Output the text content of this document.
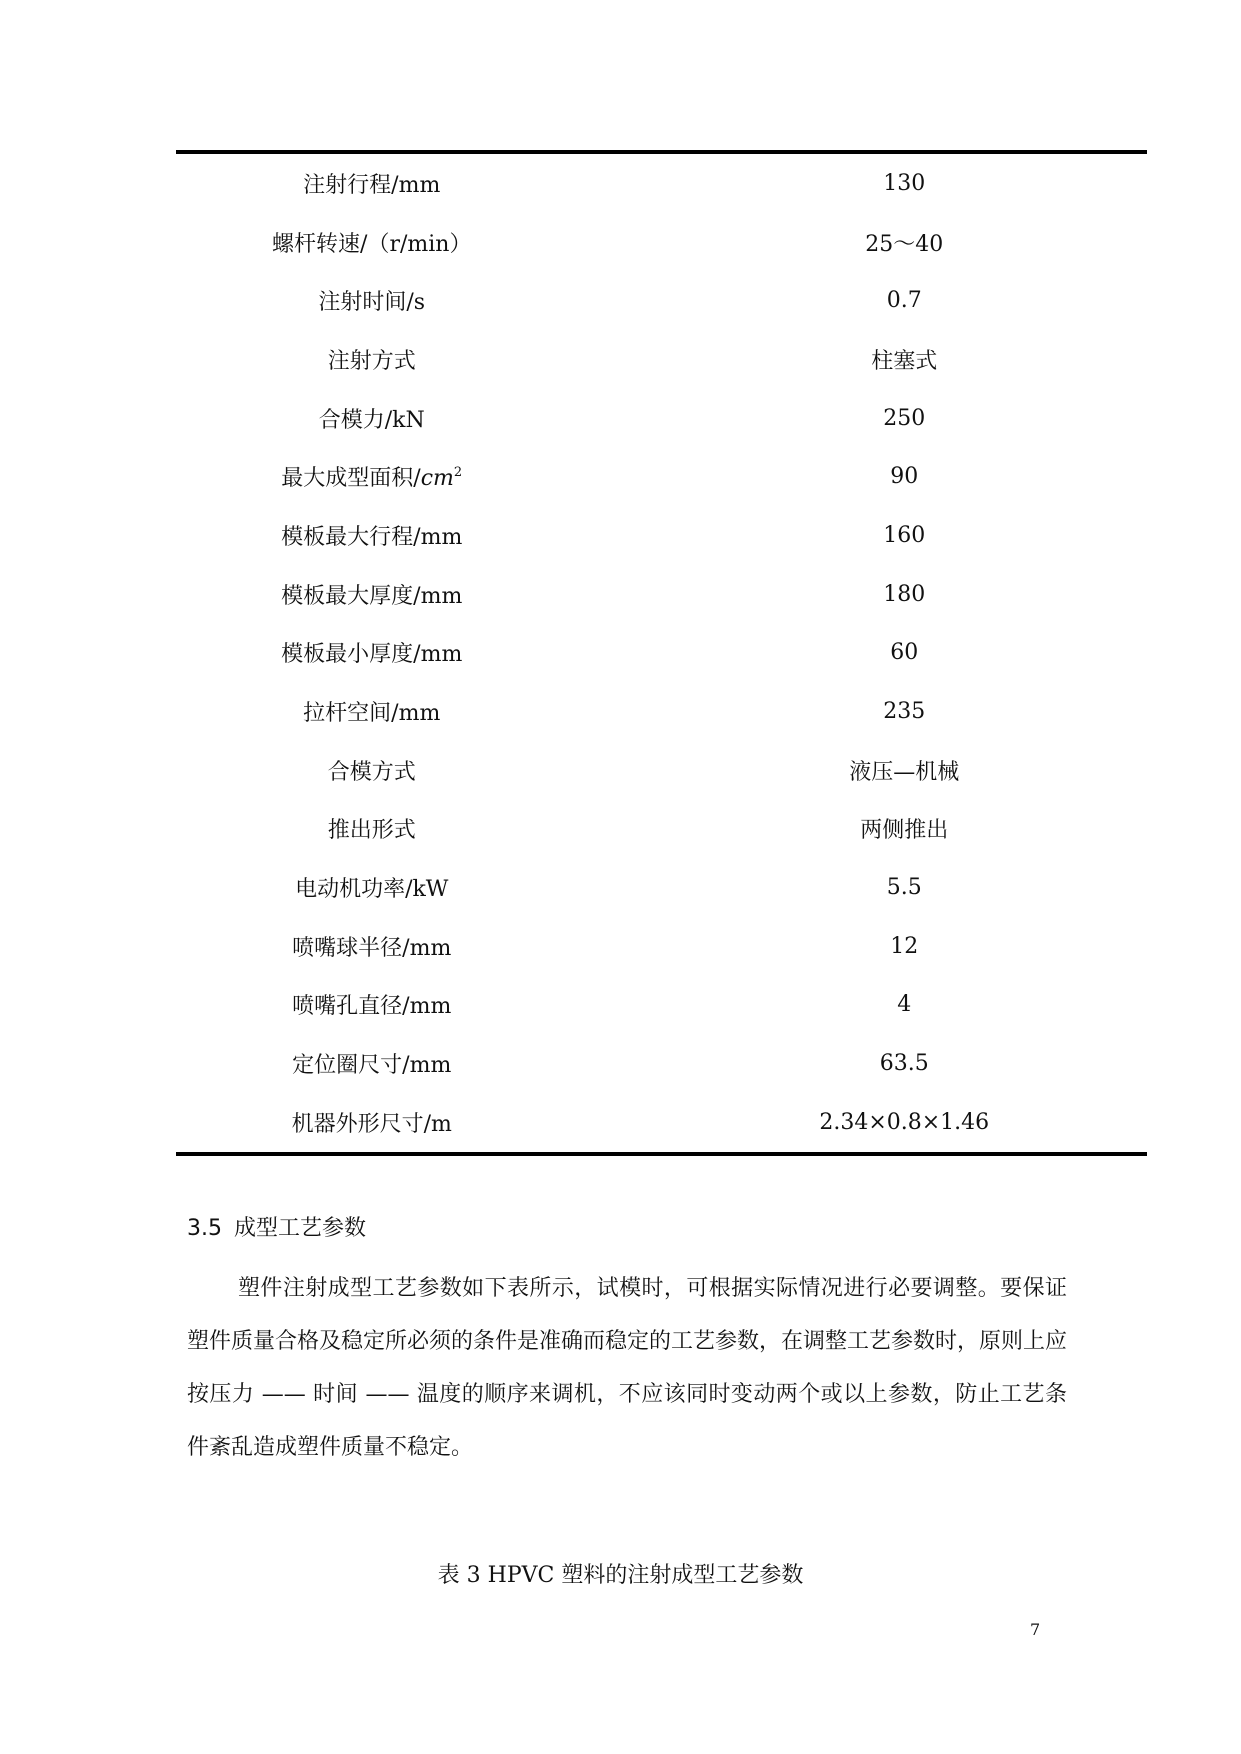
注射行程/mm	130
螺杆转速/（r/min）	25～40
注射时间/s	0.7
注射方式	柱塞式
合模力/kN	250
最大成型面积$/cm^2$	90
模板最大行程/mm	160
模板最大厚度/mm	180
模板最小厚度/mm	60
拉杆空间/mm	235
合模方式	液压—机械
推出形式	两侧推出
电动机功率/kW	5.5
喷嘴球半径/mm	12
喷嘴孔直径/mm	4
定位圈尺寸/mm	63.5
机器外形尺寸/m	2.34×0.8×1.46
3.5 成型工艺参数

塑件注射成型工艺参数如下表所示，试模时，可根据实际情况进行必要调整。要保证塑件质量合格及稳定所必须的条件是准确而稳定的工艺参数，在调整工艺参数时，原则上应按压力 —— 时间 —— 温度的顺序来调机，不应该同时变动两个或以上参数，防止工艺条件紊乱造成塑件质量不稳定。

表 3 HPVC 塑料的注射成型工艺参数

7
